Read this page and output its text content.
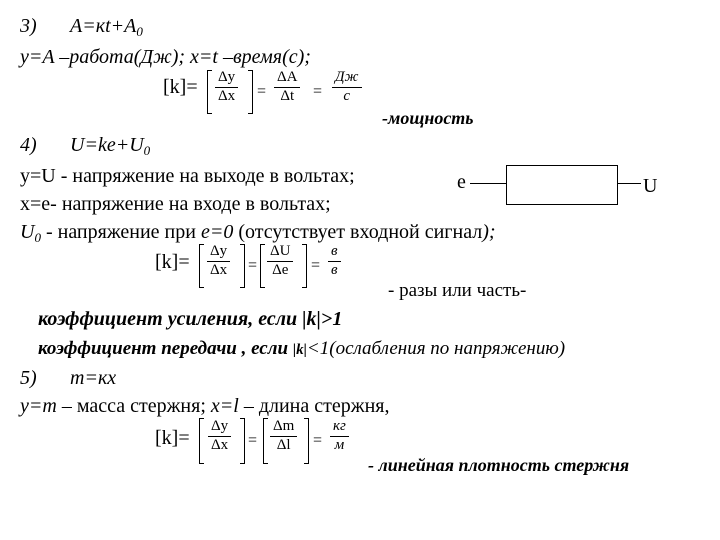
3) $A=кt+A_0$
y=A –работа(Дж); x=t –время(с);
[k]= Δy
Δx =
ΔA
Δt =
Дж
с
-мощность
4) $U=ke+U_0$
y=U - напряжение на выходе в вольтах;
x=e- напряжение на входе в вольтах;
$U_0$ - напряжение при e=0 (отсутствует входной сигнал);
e	U
[k]= Δy
Δx =
ΔU
Δe =
в
в
- разы или часть-
коэффициент усиления, если |k|>1
коэффициент передачи , если |k|<1(ослабления по напряжению)
5) m=кx
y=m – масса стержня; x=l – длина стержня,
[k]=
Δy
Δx =
Δm
Δl =
кг
м
- линейная плотность стержня
